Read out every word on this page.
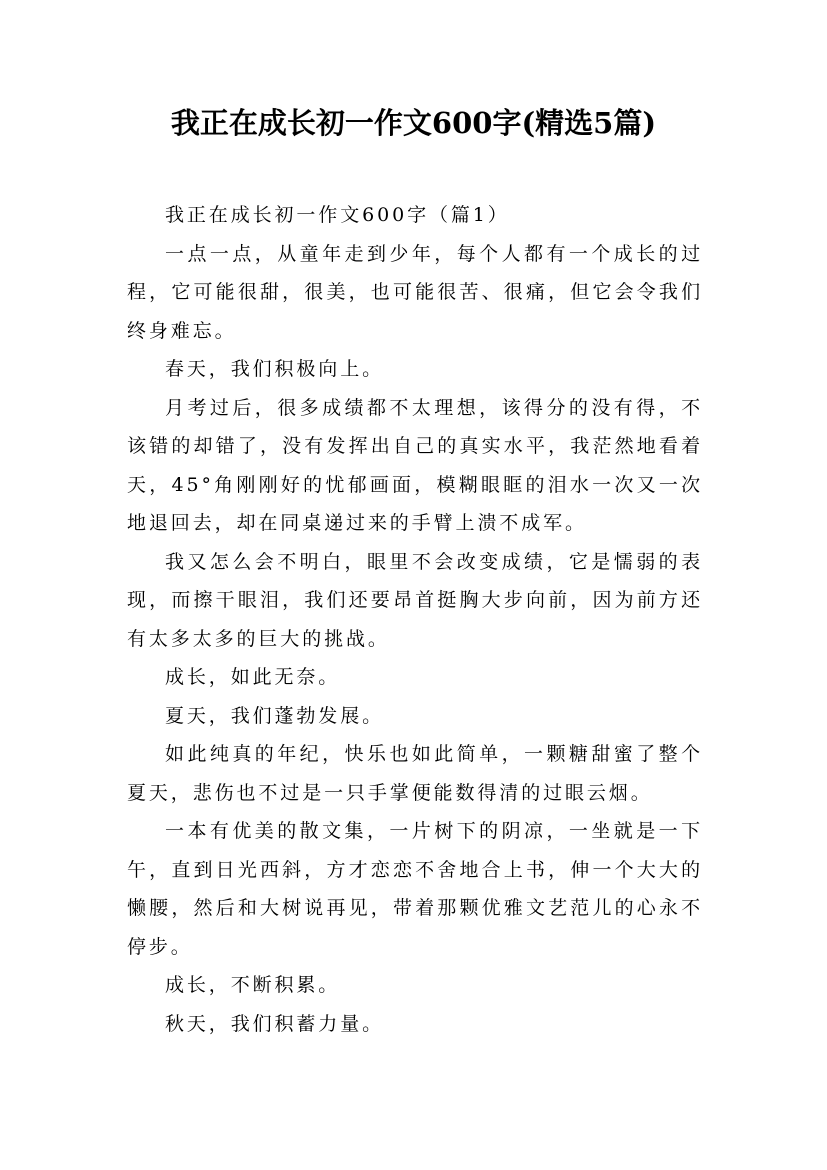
我正在成长初一作文600字(精选5篇)

我正在成长初一作文600字（篇1）

一点一点，从童年走到少年，每个人都有一个成长的过程，它可能很甜，很美，也可能很苦、很痛，但它会令我们终身难忘。

春天，我们积极向上。

月考过后，很多成绩都不太理想，该得分的没有得，不该错的却错了，没有发挥出自己的真实水平，我茫然地看着天，45°角刚刚好的忧郁画面，模糊眼眶的泪水一次又一次地退回去，却在同桌递过来的手臂上溃不成军。

我又怎么会不明白，眼里不会改变成绩，它是懦弱的表现，而擦干眼泪，我们还要昂首挺胸大步向前，因为前方还有太多太多的巨大的挑战。

成长，如此无奈。

夏天，我们蓬勃发展。

如此纯真的年纪，快乐也如此简单，一颗糖甜蜜了整个夏天，悲伤也不过是一只手掌便能数得清的过眼云烟。

一本有优美的散文集，一片树下的阴凉，一坐就是一下午，直到日光西斜，方才恋恋不舍地合上书，伸一个大大的懒腰，然后和大树说再见，带着那颗优雅文艺范儿的心永不停步。

成长，不断积累。

秋天，我们积蓄力量。
